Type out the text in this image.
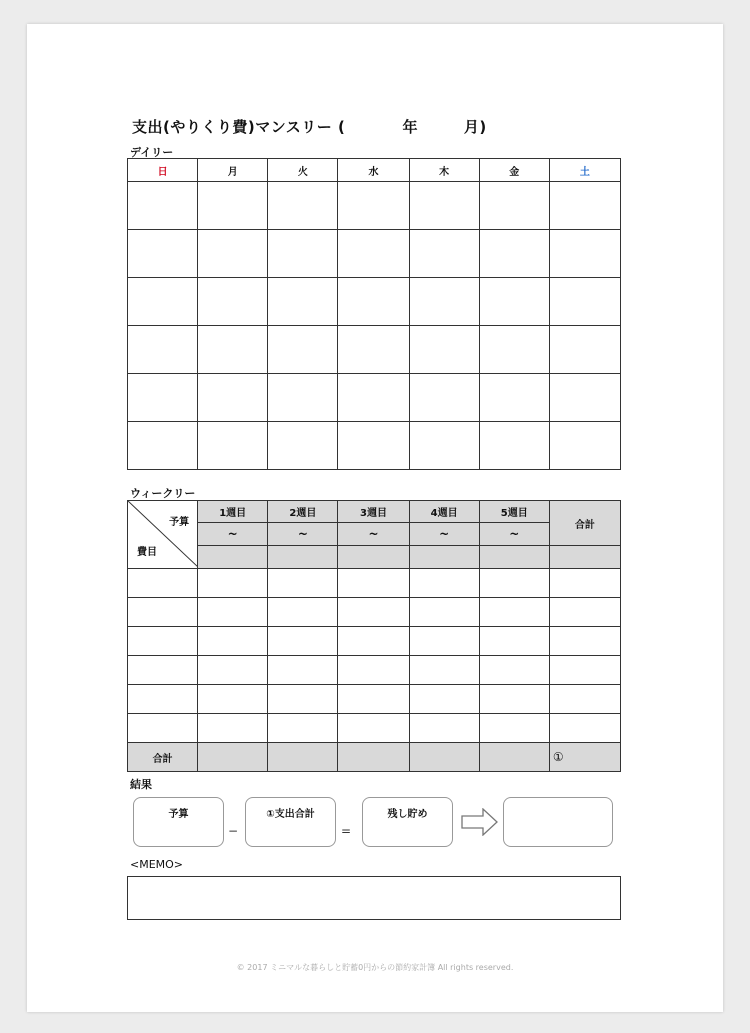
支出(やりくり費)マンスリー (          年        月)
デイリー
日	月	火	水	木	金	土

ウィークリー
予算
費目	1週目	2週目	3週目	4週目	5週目	合計
	~	~	~	~	~	

合計						①
結果
予算
−
①支出合計
=
残し貯め
<MEMO>
© 2017 ミニマルな暮らしと貯蓄0円からの節約家計簿 All rights reserved.
